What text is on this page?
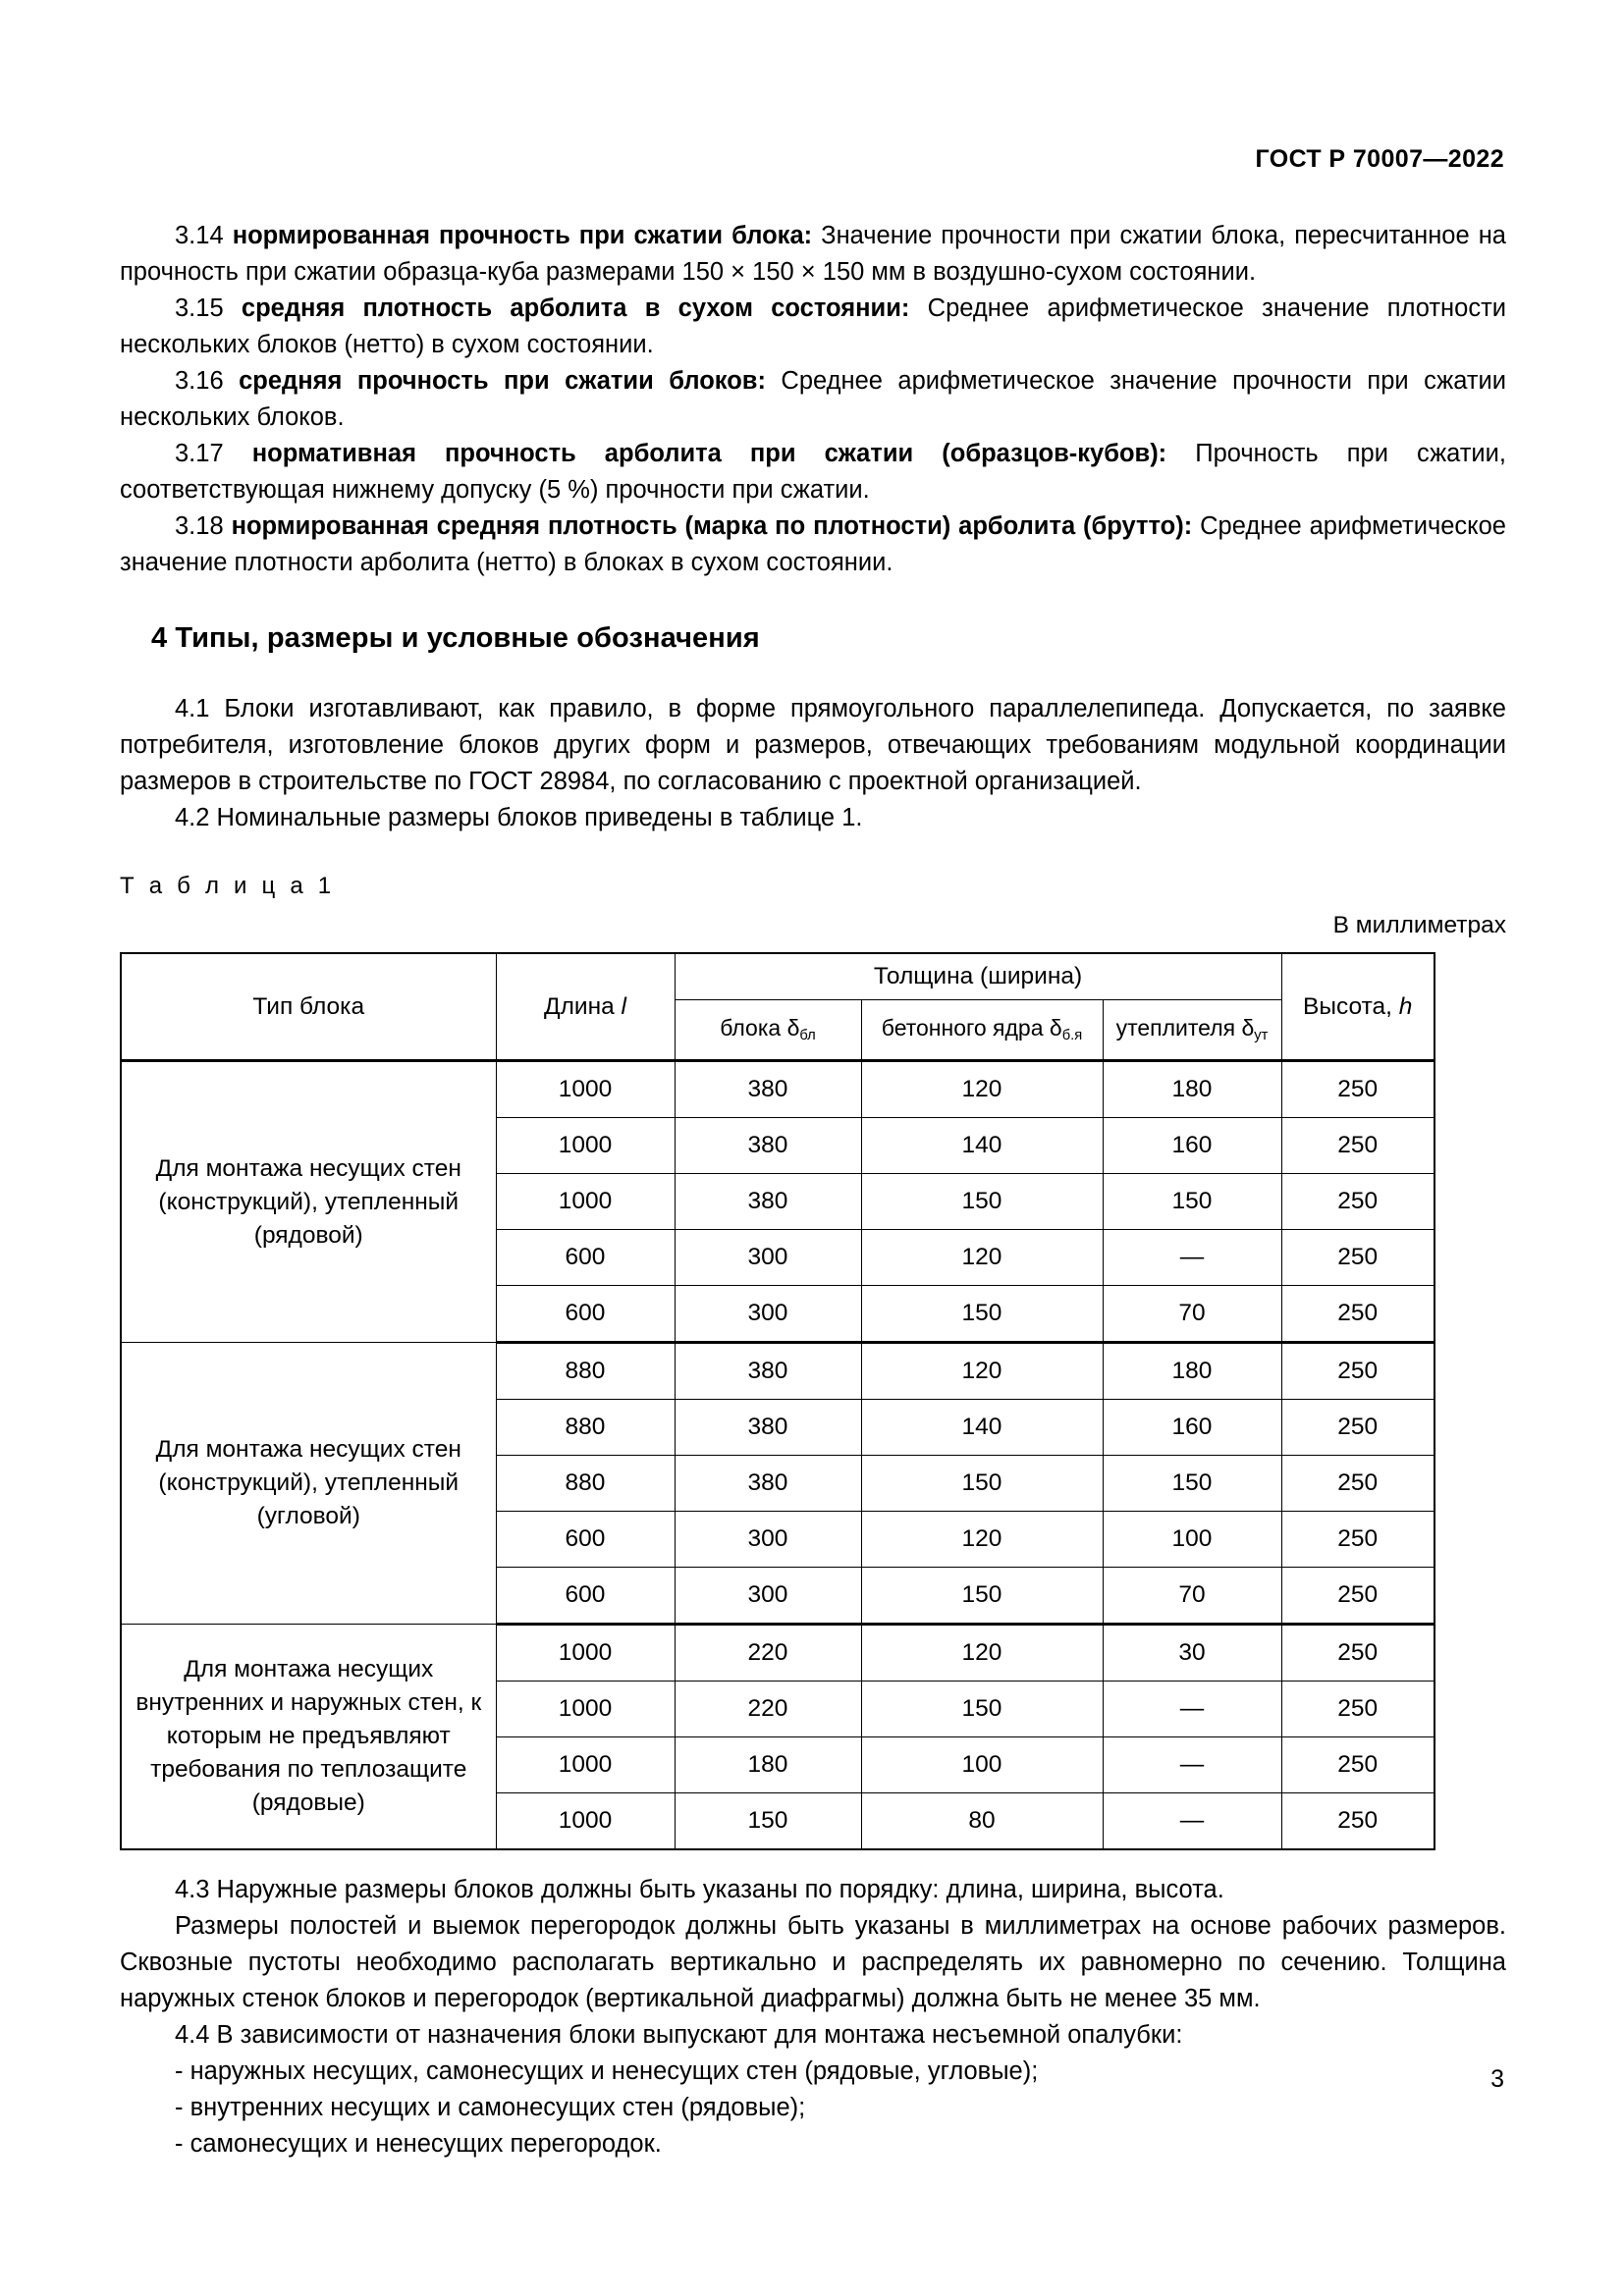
ГОСТ Р 70007—2022

3.14 нормированная прочность при сжатии блока: Значение прочности при сжатии блока, пересчитанное на прочность при сжатии образца-куба размерами 150 × 150 × 150 мм в воздушно-сухом состоянии.

3.15 средняя плотность арболита в сухом состоянии: Среднее арифметическое значение плотности нескольких блоков (нетто) в сухом состоянии.

3.16 средняя прочность при сжатии блоков: Среднее арифметическое значение прочности при сжатии нескольких блоков.

3.17 нормативная прочность арболита при сжатии (образцов-кубов): Прочность при сжатии, соответствующая нижнему допуску (5 %) прочности при сжатии.

3.18 нормированная средняя плотность (марка по плотности) арболита (брутто): Среднее арифметическое значение плотности арболита (нетто) в блоках в сухом состоянии.

4 Типы, размеры и условные обозначения

4.1 Блоки изготавливают, как правило, в форме прямоугольного параллелепипеда. Допускается, по заявке потребителя, изготовление блоков других форм и размеров, отвечающих требованиям модульной координации размеров в строительстве по ГОСТ 28984, по согласованию с проектной организацией.

4.2 Номинальные размеры блоков приведены в таблице 1.

Т а б л и ц а 1

В миллиметрах

Тип блока	Длина l	Толщина (ширина)			Высота, h
		блока $\delta_{бл}$	бетонного ядра $\delta_{б.я}$	утеплителя $\delta_{ут}$
Для монтажа несущих стен (конструкций), утепленный (рядовой)	1000	380	120	180	250
	1000	380	140	160	250
	1000	380	150	150	250
	600	300	120	—	250
	600	300	150	70	250
Для монтажа несущих стен (конструкций), утепленный (угловой)	880	380	120	180	250
	880	380	140	160	250
	880	380	150	150	250
	600	300	120	100	250
	600	300	150	70	250
Для монтажа несущих внутренних и наружных стен, к которым не предъявляют требования по теплозащите (рядовые)	1000	220	120	30	250
	1000	220	150	—	250
	1000	180	100	—	250
	1000	150	80	—	250

4.3 Наружные размеры блоков должны быть указаны по порядку: длина, ширина, высота.

Размеры полостей и выемок перегородок должны быть указаны в миллиметрах на основе рабочих размеров. Сквозные пустоты необходимо располагать вертикально и распределять их равномерно по сечению. Толщина наружных стенок блоков и перегородок (вертикальной диафрагмы) должна быть не менее 35 мм.

4.4 В зависимости от назначения блоки выпускают для монтажа несъемной опалубки:

- наружных несущих, самонесущих и ненесущих стен (рядовые, угловые);

- внутренних несущих и самонесущих стен (рядовые);

- самонесущих и ненесущих перегородок.

3
